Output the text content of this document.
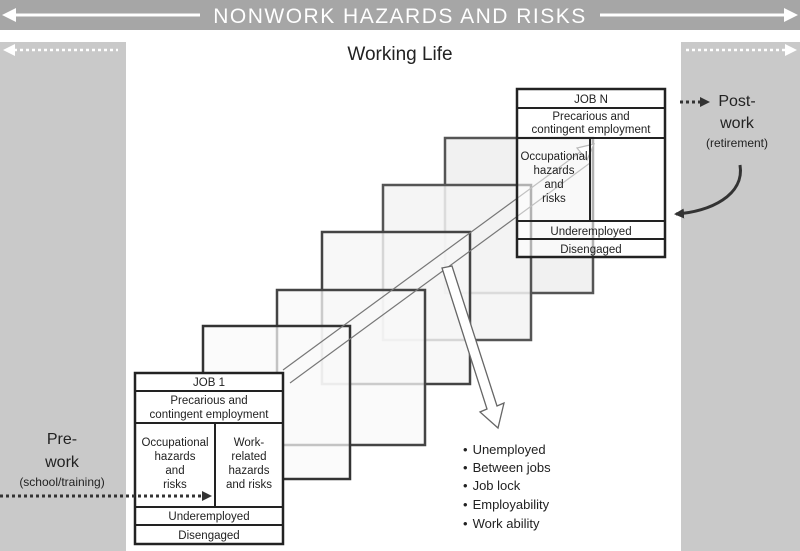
NONWORK HAZARDS AND RISKS
Working Life
JOB N
Precarious and
contingent employment
Occupational
hazards
and
risks
Underemployed
Disengaged
JOB 1
Precarious and
contingent employment
Occupational
hazards
and
risks
Work-
related
hazards
and risks
Underemployed
Disengaged
Pre-
work
(school/training)
Post-
work
(retirement)
• Unemployed
• Between jobs
• Job lock
• Employability
• Work ability
